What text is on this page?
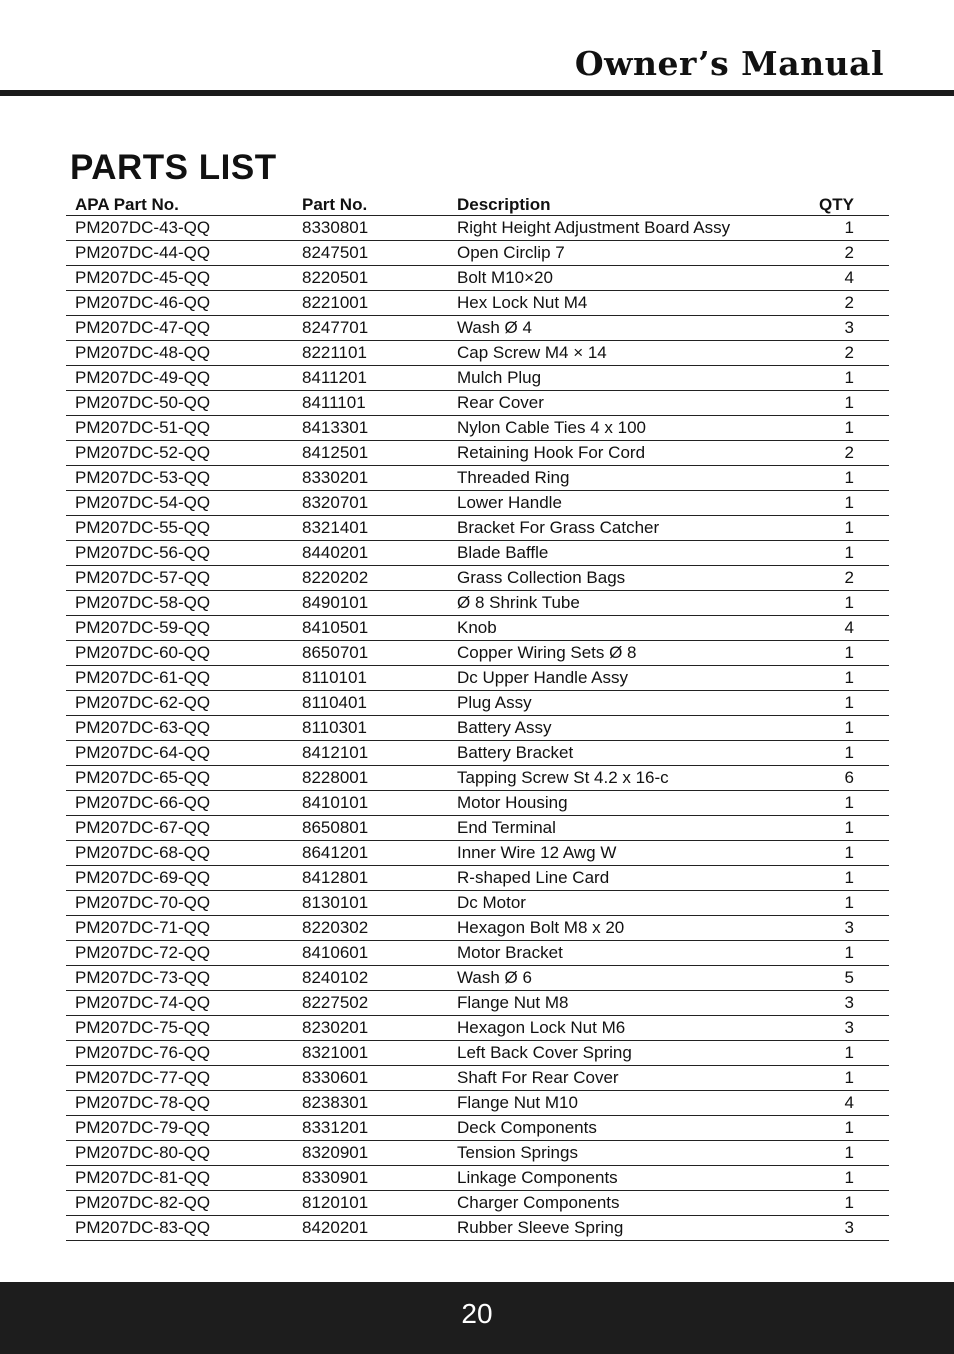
Owner’s Manual
PARTS LIST
APA Part No.	Part No.	Description	QTY
PM207DC-43-QQ	8330801	Right Height Adjustment Board Assy	1
PM207DC-44-QQ	8247501	Open Circlip 7	2
PM207DC-45-QQ	8220501	Bolt M10×20	4
PM207DC-46-QQ	8221001	Hex Lock Nut M4	2
PM207DC-47-QQ	8247701	Wash Ø 4	3
PM207DC-48-QQ	8221101	Cap Screw M4 × 14	2
PM207DC-49-QQ	8411201	Mulch Plug	1
PM207DC-50-QQ	8411101	Rear Cover	1
PM207DC-51-QQ	8413301	Nylon Cable Ties 4 x 100	1
PM207DC-52-QQ	8412501	Retaining Hook For Cord	2
PM207DC-53-QQ	8330201	Threaded Ring	1
PM207DC-54-QQ	8320701	Lower Handle	1
PM207DC-55-QQ	8321401	Bracket For Grass Catcher	1
PM207DC-56-QQ	8440201	Blade Baffle	1
PM207DC-57-QQ	8220202	Grass Collection Bags	2
PM207DC-58-QQ	8490101	Ø 8 Shrink Tube	1
PM207DC-59-QQ	8410501	Knob	4
PM207DC-60-QQ	8650701	Copper Wiring Sets Ø 8	1
PM207DC-61-QQ	8110101	Dc Upper Handle Assy	1
PM207DC-62-QQ	8110401	Plug Assy	1
PM207DC-63-QQ	8110301	Battery Assy	1
PM207DC-64-QQ	8412101	Battery Bracket	1
PM207DC-65-QQ	8228001	Tapping Screw St 4.2 x 16-c	6
PM207DC-66-QQ	8410101	Motor Housing	1
PM207DC-67-QQ	8650801	End Terminal	1
PM207DC-68-QQ	8641201	Inner Wire 12 Awg W	1
PM207DC-69-QQ	8412801	R-shaped Line Card	1
PM207DC-70-QQ	8130101	Dc Motor	1
PM207DC-71-QQ	8220302	Hexagon Bolt M8 x 20	3
PM207DC-72-QQ	8410601	Motor Bracket	1
PM207DC-73-QQ	8240102	Wash Ø 6	5
PM207DC-74-QQ	8227502	Flange Nut M8	3
PM207DC-75-QQ	8230201	Hexagon Lock Nut M6	3
PM207DC-76-QQ	8321001	Left Back Cover Spring	1
PM207DC-77-QQ	8330601	Shaft For Rear Cover	1
PM207DC-78-QQ	8238301	Flange Nut M10	4
PM207DC-79-QQ	8331201	Deck Components	1
PM207DC-80-QQ	8320901	Tension Springs	1
PM207DC-81-QQ	8330901	Linkage Components	1
PM207DC-82-QQ	8120101	Charger Components	1
PM207DC-83-QQ	8420201	Rubber Sleeve Spring	3
20
